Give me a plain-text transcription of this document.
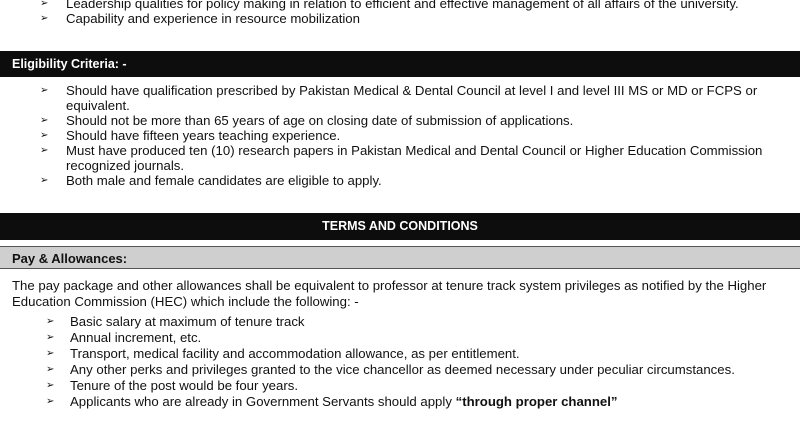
➢	Leadership qualities for policy making in relation to efficient and effective management of all affairs of the university.
➢	Capability and experience in resource mobilization
Eligibility Criteria: -
➢	Should have qualification prescribed by Pakistan Medical & Dental Council at level I and level III MS or MD or FCPS or equivalent.
➢	Should not be more than 65 years of age on closing date of submission of applications.
➢	Should have fifteen years teaching experience.
➢	Must have produced ten (10) research papers in Pakistan Medical and Dental Council or Higher Education Commission recognized journals.
➢	Both male and female candidates are eligible to apply.
TERMS AND CONDITIONS
Pay & Allowances:
The pay package and other allowances shall be equivalent to professor at tenure track system privileges as notified by the Higher Education Commission (HEC) which include the following: -
➢	Basic salary at maximum of tenure track
➢	Annual increment, etc.
➢	Transport, medical facility and accommodation allowance, as per entitlement.
➢	Any other perks and privileges granted to the vice chancellor as deemed necessary under peculiar circumstances.
➢	Tenure of the post would be four years.
➢	Applicants who are already in Government Servants should apply “through proper channel”
